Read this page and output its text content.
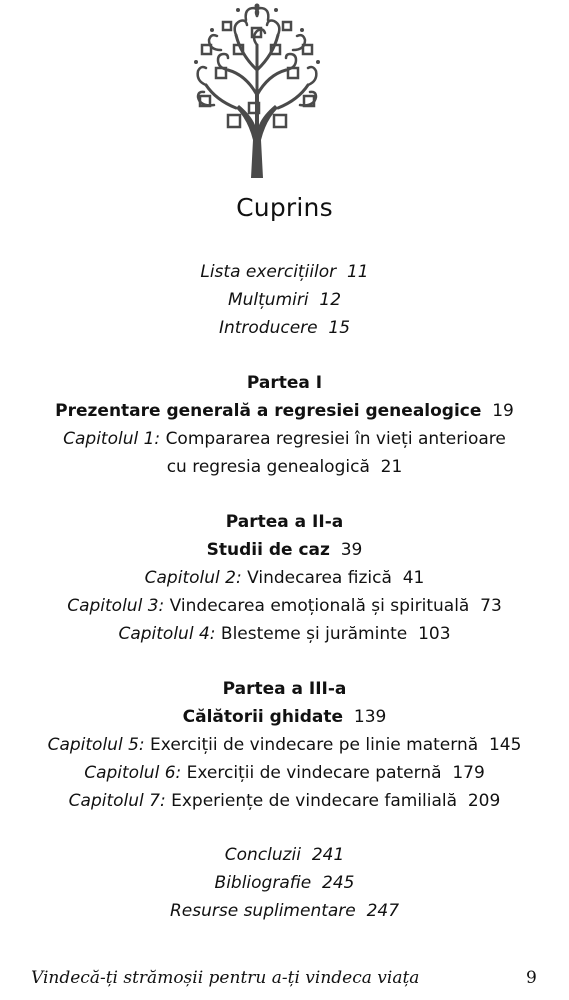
Cuprins
Lista exercițiilor 11
Mulțumiri 12
Introducere 15
Partea I
Prezentare generală a regresiei genealogice 19
Capitolul 1: Compararea regresiei în vieți anterioare
cu regresia genealogică 21
Partea a II-a
Studii de caz 39
Capitolul 2: Vindecarea fizică 41
Capitolul 3: Vindecarea emoțională și spirituală 73
Capitolul 4: Blesteme și jurăminte 103
Partea a III-a
Călătorii ghidate 139
Capitolul 5: Exerciții de vindecare pe linie maternă 145
Capitolul 6: Exerciții de vindecare paternă 179
Capitolul 7: Experiențe de vindecare familială 209
Concluzii 241
Bibliografie 245
Resurse suplimentare 247
Vindecă-ți strămoșii pentru a-ți vindeca viața	9
